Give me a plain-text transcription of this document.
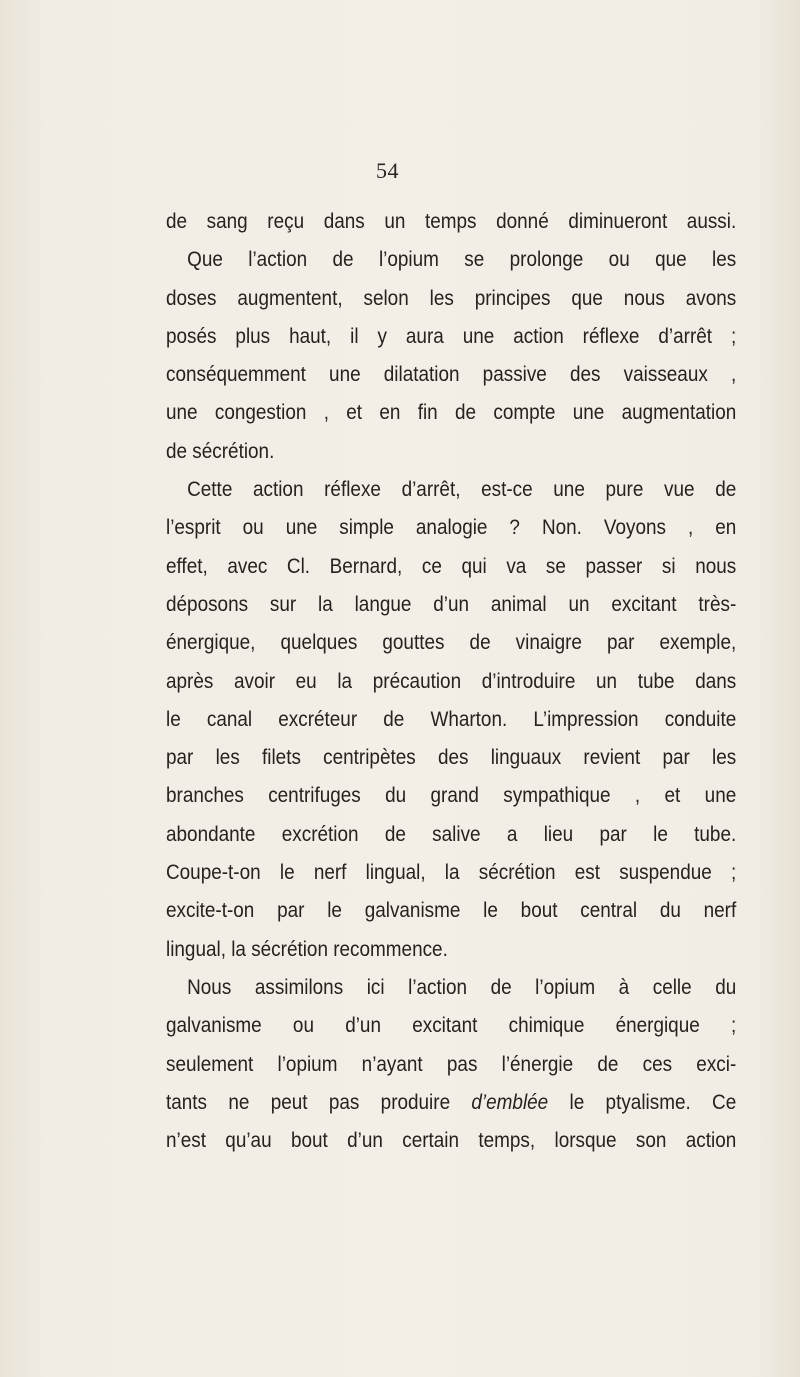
54
de sang reçu dans un temps donné diminueront aussi.
Que l’action de l’opium se prolonge ou que les
doses augmentent, selon les principes que nous avons
posés plus haut, il y aura une action réflexe d’arrêt ;
conséquemment une dilatation passive des vaisseaux ,
une congestion , et en fin de compte une augmentation
de sécrétion.
Cette action réflexe d’arrêt, est-ce une pure vue de
l’esprit ou une simple analogie ? Non. Voyons , en
effet, avec Cl. Bernard, ce qui va se passer si nous
déposons sur la langue d’un animal un excitant très-
énergique, quelques gouttes de vinaigre par exemple,
après avoir eu la précaution d’introduire un tube dans
le canal excréteur de Wharton. L’impression conduite
par les filets centripètes des linguaux revient par les
branches centrifuges du grand sympathique , et une
abondante excrétion de salive a lieu par le tube.
Coupe-t-on le nerf lingual, la sécrétion est suspendue ;
excite-t-on par le galvanisme le bout central du nerf
lingual, la sécrétion recommence.
Nous assimilons ici l’action de l’opium à celle du
galvanisme ou d’un excitant chimique énergique ;
seulement l’opium n’ayant pas l’énergie de ces exci-
tants ne peut pas produire d’emblée le ptyalisme. Ce
n’est qu’au bout d’un certain temps, lorsque son action
